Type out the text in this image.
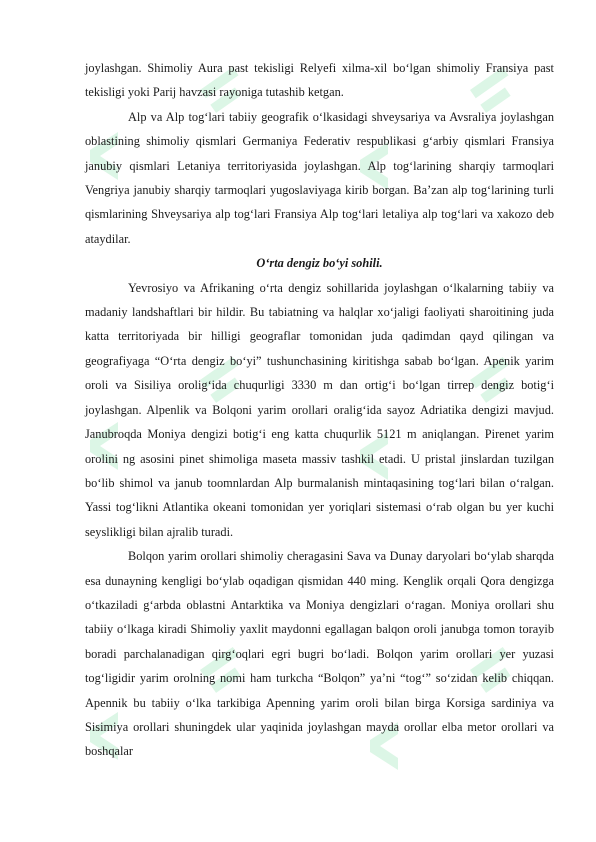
joylashgan. Shimoliy Aura past tekisligi Relyefi xilma-xil bo‘lgan shimoliy Fransiya past tekisligi yoki Parij havzasi rayoniga tutashib ketgan.

Alp va Alp tog‘lari tabiiy geografik o‘lkasidagi shveysariya va Avsraliya joylashgan oblastining shimoliy qismlari Germaniya Federativ respublikasi g‘arbiy qismlari Fransiya janubiy qismlari Letaniya territoriyasida joylashgan. Alp tog‘larining sharqiy tarmoqlari Vengriya janubiy sharqiy tarmoqlari yugoslaviyaga kirib borgan. Ba’zan alp tog‘larining turli qismlarining Shveysariya alp tog‘lari Fransiya Alp tog‘lari letaliya alp tog‘lari va xakozo deb ataydilar.

O‘rta dengiz bo‘yi sohili.

Yevrosiyo va Afrikaning o‘rta dengiz sohillarida joylashgan o‘lkalarning tabiiy va madaniy landshaftlari bir hildir. Bu tabiatning va halqlar xo‘jaligi faoliyati sharoitining juda katta territoriyada bir hilligi geograflar tomonidan juda qadimdan qayd qilingan va geografiyaga “O‘rta dengiz bo‘yi” tushunchasining kiritishga sabab bo‘lgan. Apenik yarim oroli va Sisiliya orolig‘ida chuqurligi 3330 m dan ortig‘i bo‘lgan tirrep dengiz botig‘i joylashgan. Alpenlik va Bolqoni yarim orollari oralig‘ida sayoz Adriatika dengizi mavjud. Janubroqda Moniya dengizi botig‘i eng katta chuqurlik 5121 m aniqlangan. Pirenet yarim orolini ng asosini pinet shimoliga maseta massiv tashkil etadi. U pristal jinslardan tuzilgan bo‘lib shimol va janub toomnlardan Alp burmalanish mintaqasining tog‘lari bilan o‘ralgan. Yassi tog‘likni Atlantika okeani tomonidan yer yoriqlari sistemasi o‘rab olgan bu yer kuchi seyslikligi bilan ajralib turadi.

Bolqon yarim orollari shimoliy cheragasini Sava va Dunay daryolari bo‘ylab sharqda esa dunayning kengligi bo‘ylab oqadigan qismidan 440 ming. Kenglik orqali Qora dengizga o‘tkaziladi g‘arbda oblastni Antarktika va Moniya dengizlari o‘ragan. Moniya orollari shu tabiiy o‘lkaga kiradi Shimoliy yaxlit maydonni egallagan balqon oroli janubga tomon torayib boradi parchalanadigan qirg‘oqlari egri bugri bo‘ladi. Bolqon yarim orollari yer yuzasi tog‘ligidir yarim orolning nomi ham turkcha “Bolqon” ya’ni “tog‘” so‘zidan kelib chiqqan. Apennik bu tabiiy o‘lka tarkibiga Apenning yarim oroli bilan birga Korsiga sardiniya va Sisimiya orollari shuningdek ular yaqinida joylashgan mayda orollar elba metor orollari va boshqalar
